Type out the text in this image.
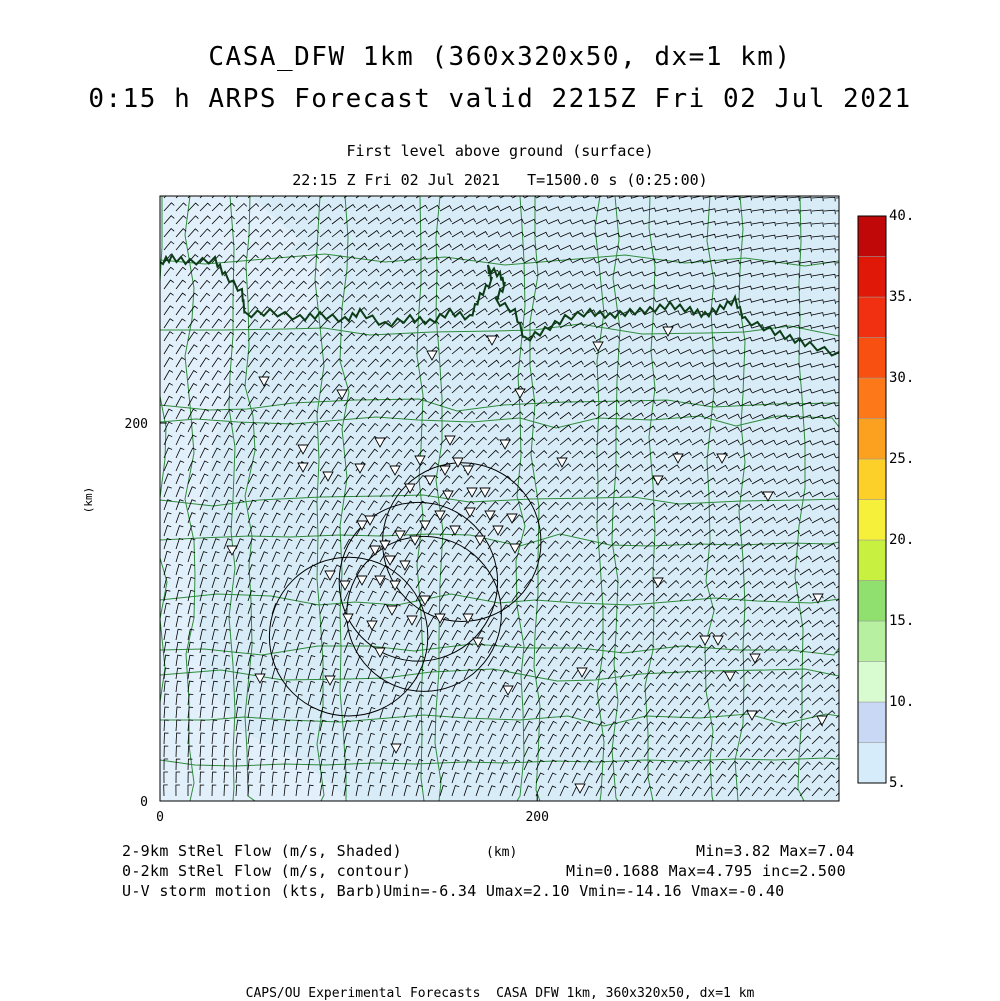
CASA_DFW 1km (360x320x50, dx=1 km)
0:15 h ARPS Forecast valid 2215Z Fri 02 Jul 2021
First level above ground (surface)
22:15 Z Fri 02 Jul 2021   T=1500.0 s (0:25:00)
0	200
0
200
(km)
5.
10.
15.
20.
25.
30.
35.
40.
2-9km StRel Flow (m/s, Shaded)	(km)	Min=3.82 Max=7.04
0-2km StRel Flow (m/s, contour)	Min=0.1688 Max=4.795 inc=2.500
U-V storm motion (kts, Barb)Umin=-6.34 Umax=2.10 Vmin=-14.16 Vmax=-0.40
CAPS/OU Experimental Forecasts  CASA DFW 1km, 360x320x50, dx=1 km
